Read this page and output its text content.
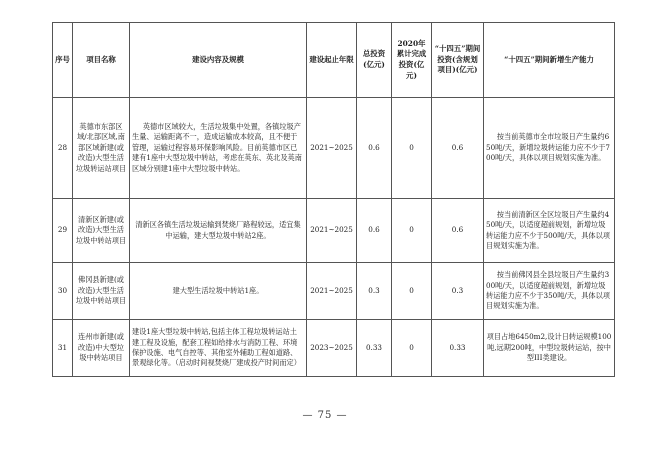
序号	项目名称	建设内容及规模	建设起止年限	总投资(亿元)	2020年累计完成投资(亿元)	“十四五”期间投资(含规划项目)(亿元)	“十四五”期间新增生产能力
28	英德市东部区域/北部区域,南部区域新建(或改造)大型生活垃圾转运站项目	英德市区域较大，生活垃圾集中处置，各镇垃圾产生量、运输距离不一，造成运输成本较高，且不便于管理，运输过程容易环保影响风险。目前英德市区已建有1座中大型垃圾中转站，考虑在英东、英北及英南区域分别建1座中大型垃圾中转站。	2021~2025	0.6	0	0.6	按当前英德市全市垃圾日产生量约650吨/天，新增垃圾转运能力应不少于700吨/天，具体以项目规划实施为准。
29	清新区新建(或改造)大型生活垃圾中转站项目	清新区各镇生活垃圾运输到焚烧厂路程较远，适宜集中运输，建大型垃圾中转站2座。	2021~2025	0.6	0	0.6	按当前清新区全区垃圾日产生量约450吨/天，以适度超前规划，新增垃圾转运能力应不少于500吨/天，具体以项目规划实施为准。
30	佛冈县新建(或改造)大型生活垃圾中转站项目	建大型生活垃圾中转站1座。	2021~2025	0.3	0	0.3	按当前佛冈县全县垃圾日产生量约300吨/天，以适度超前规划，新增垃圾转运能力应不少于350吨/天，具体以项目规划实施为准。
31	连州市新建(或改造)中大型垃圾中转站项目	建设1座大型垃圾中转站,包括主体工程垃圾转运站土建工程及设施，配套工程如给排水与消防工程、环境保护设施、电气自控等、其他室外辅助工程如道路、景观绿化等。（启动时间视焚烧厂建成投产时间而定）	2023~2025	0.33	0	0.33	项目占地6450m2,设计日转运规模100吨,远期200吨，中型垃圾转运站，按中型III类建设。
— 75 —
